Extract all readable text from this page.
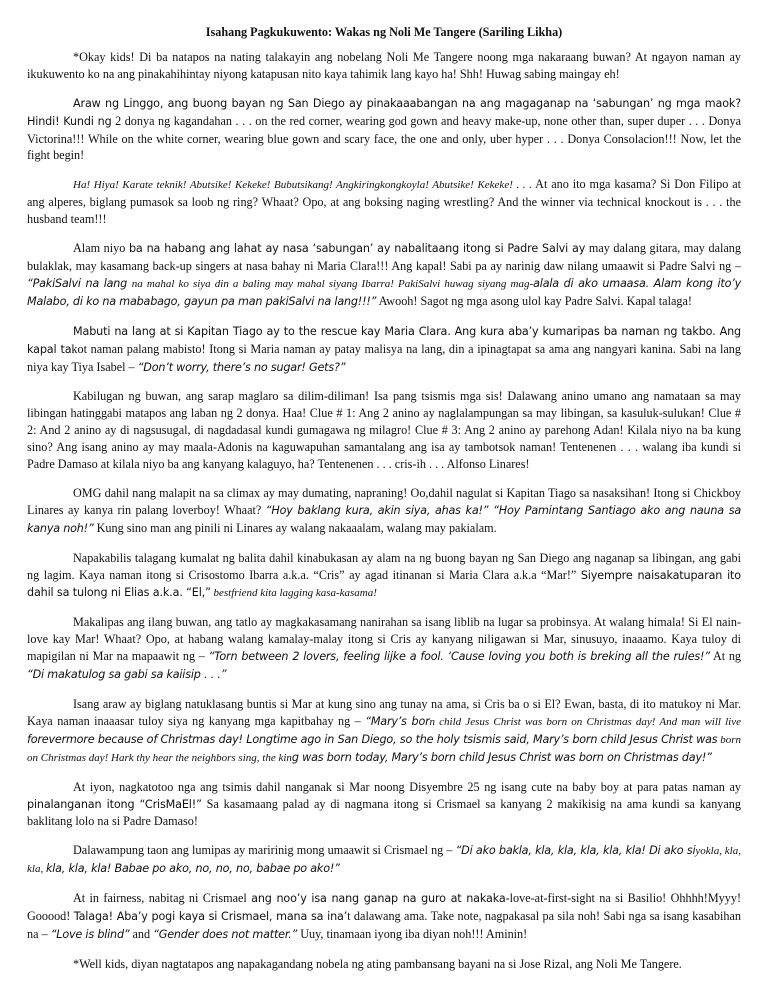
Isahang Pagkukuwento: Wakas ng Noli Me Tangere (Sariling Likha)

*Okay kids! Di ba natapos na nating talakayin ang nobelang Noli Me Tangere noong mga nakaraang buwan? At ngayon naman ay ikukuwento ko na ang pinakahihintay niyong katapusan nito kaya tahimik lang kayo ha! Shh! Huwag sabing maingay eh!

Araw ng Linggo, ang buong bayan ng San Diego ay pinakaaabangan na ang magaganap na ‘sabungan’ ng mga maok? Hindi! Kundi ng 2 donya ng kagandahan . . . on the red corner, wearing god gown and heavy make-up, none other than, super duper . . . Donya Victorina!!! While on the white corner, wearing blue gown and scary face, the one and only, uber hyper . . . Donya Consolacion!!! Now, let the fight begin!

Ha! Hiya! Karate teknik! Abutsike! Kekeke! Bubutsikang! Angkiringkongkoyla! Abutsike! Kekeke! . . . At ano ito mga kasama? Si Don Filipo at ang alperes, biglang pumasok sa loob ng ring? Whaat? Opo, at ang boksing naging wrestling? And the winner via technical knockout is . . . the husband team!!!

Alam niyo ba na habang ang lahat ay nasa ‘sabungan’ ay nabalitaang itong si Padre Salvi ay may dalang gitara, may dalang bulaklak, may kasamang back-up singers at nasa bahay ni Maria Clara!!! Ang kapal! Sabi pa ay narinig daw nilang umaawit si Padre Salvi ng – “PakiSalvi na lang na mahal ko siya din a baling may mahal siyang Ibarra! PakiSalvi huwag siyang mag-alala di ako umaasa. Alam kong ito’y Malabo, di ko na mababago, gayun pa man pakiSalvi na lang!!!” Awooh! Sagot ng mga asong ulol kay Padre Salvi. Kapal talaga!

Mabuti na lang at si Kapitan Tiago ay to the rescue kay Maria Clara. Ang kura aba’y kumaripas ba naman ng takbo. Ang kapal takot naman palang mabisto! Itong si Maria naman ay patay malisya na lang, din a ipinagtapat sa ama ang nangyari kanina. Sabi na lang niya kay Tiya Isabel – “Don’t worry, there’s no sugar! Gets?”

Kabilugan ng buwan, ang sarap maglaro sa dilim-diliman! Isa pang tsismis mga sis! Dalawang anino umano ang namataan sa may libingan hatinggabi matapos ang laban ng 2 donya. Haa! Clue # 1: Ang 2 anino ay naglalampungan sa may libingan, sa kasuluk-sulukan! Clue # 2: And 2 anino ay di nagsusugal, di nagdadasal kundi gumagawa ng milagro! Clue # 3: Ang 2 anino ay parehong Adan! Kilala niyo na ba kung sino? Ang isang anino ay may maala-Adonis na kaguwapuhan samantalang ang isa ay tambotsok naman! Tentenenen . . . walang iba kundi si Padre Damaso at kilala niyo ba ang kanyang kalaguyo, ha? Tentenenen . . . cris-ih . . . Alfonso Linares!

OMG dahil nang malapit na sa climax ay may dumating, napraning! Oo,dahil nagulat si Kapitan Tiago sa nasaksihan! Itong si Chickboy Linares ay kanya rin palang loverboy! Whaat? “Hoy baklang kura, akin siya, ahas ka!” “Hoy Pamintang Santiago ako ang nauna sa kanya noh!” Kung sino man ang pinili ni Linares ay walang nakaaalam, walang may pakialam.

Napakabilis talagang kumalat ng balita dahil kinabukasan ay alam na ng buong bayan ng San Diego ang naganap sa libingan, ang gabi ng lagim. Kaya naman itong si Crisostomo Ibarra a.k.a. “Cris” ay agad itinanan si Maria Clara a.k.a “Mar!” Siyempre naisakatuparan ito dahil sa tulong ni Elias a.k.a. “El,” bestfriend kita lagging kasa-kasama!

Makalipas ang ilang buwan, ang tatlo ay magkakasamang nanirahan sa isang liblib na lugar sa probinsya. At walang himala! Si El nain-love kay Mar! Whaat? Opo, at habang walang kamalay-malay itong si Cris ay kanyang niligawan si Mar, sinusuyo, inaaamo. Kaya tuloy di mapigilan ni Mar na mapaawit ng – “Torn between 2 lovers, feeling lijke a fool. ‘Cause loving you both is breking all the rules!” At ng “Di makatulog sa gabi sa kaiisip . . .”

Isang araw ay biglang natuklasang buntis si Mar at kung sino ang tunay na ama, si Cris ba o si El? Ewan, basta, di ito matukoy ni Mar. Kaya naman inaaasar tuloy siya ng kanyang mga kapitbahay ng – “Mary’s born child Jesus Christ was born on Christmas day! And man will live forevermore because of Christmas day! Longtime ago in San Diego, so the holy tsismis said, Mary’s born child Jesus Christ was born on Christmas day! Hark thy hear the neighbors sing, the king was born today, Mary’s born child Jesus Christ was born on Christmas day!”

At iyon, nagkatotoo nga ang tsimis dahil nanganak si Mar noong Disyembre 25 ng isang cute na baby boy at para patas naman ay pinalanganan itong “CrisMaEl!” Sa kasamaang palad ay di nagmana itong si Crismael sa kanyang 2 makikisig na ama kundi sa kanyang baklitang lolo na si Padre Damaso!

Dalawampung taon ang lumipas ay maririnig mong umaawit si Crismael ng – “Di ako bakla, kla, kla, kla, kla, kla! Di ako siyokla, kla, kla, kla, kla, kla! Babae po ako, no, no, no, babae po ako!”

At in fairness, nabitag ni Crismael ang noo’y isa nang ganap na guro at nakaka-love-at-first-sight na si Basilio! Ohhhh!Myyy! Gooood! Talaga! Aba’y pogi kaya si Crismael, mana sa ina’t dalawang ama. Take note, nagpakasal pa sila noh! Sabi nga sa isang kasabihan na – “Love is blind” and “Gender does not matter.” Uuy, tinamaan iyong iba diyan noh!!! Aminin!

*Well kids, diyan nagtatapos ang napakagandang nobela ng ating pambansang bayani na si Jose Rizal, ang Noli Me Tangere.
